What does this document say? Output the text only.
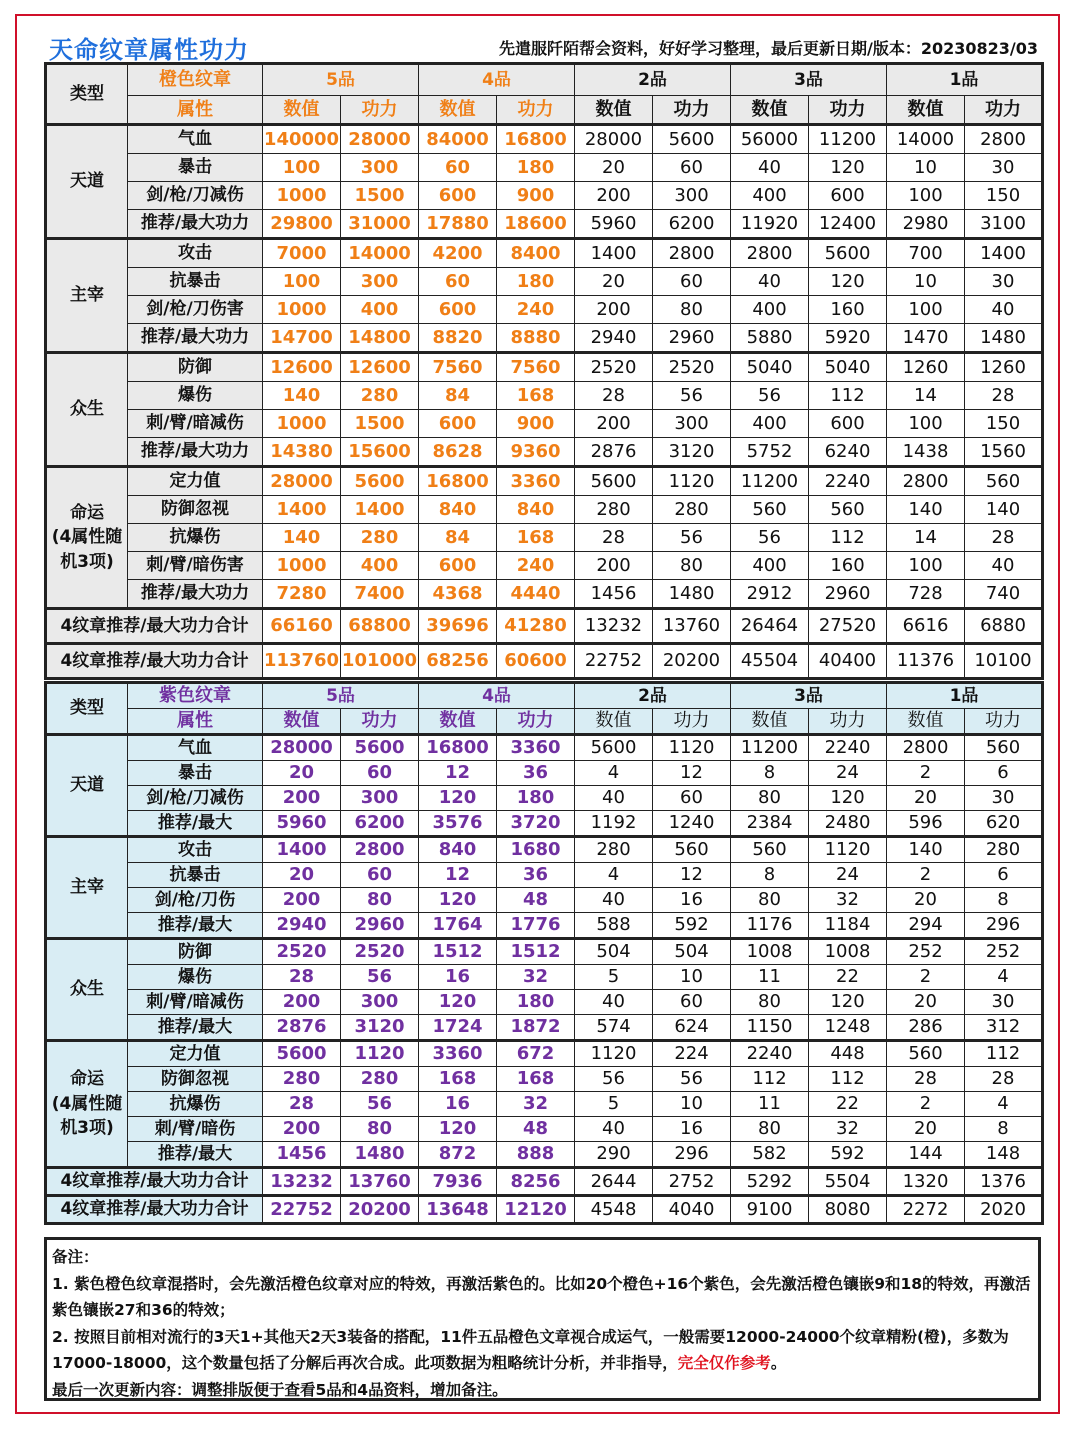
天命纹章属性功力	先遣服阡陌帮会资料，好好学习整理，最后更新日期/版本：20230823/03
类型	橙色纹章	5品		4品		2品		3品		1品	
	属性	数值	功力	数值	功力	数值	功力	数值	功力	数值	功力
天道	气血	140000	28000	84000	16800	28000	5600	56000	11200	14000	2800
	暴击	100	300	60	180	20	60	40	120	10	30
	剑/枪/刀减伤	1000	1500	600	900	200	300	400	600	100	150
	推荐/最大功力	29800	31000	17880	18600	5960	6200	11920	12400	2980	3100
主宰	攻击	7000	14000	4200	8400	1400	2800	2800	5600	700	1400
	抗暴击	100	300	60	180	20	60	40	120	10	30
	剑/枪/刀伤害	1000	400	600	240	200	80	400	160	100	40
	推荐/最大功力	14700	14800	8820	8880	2940	2960	5880	5920	1470	1480
众生	防御	12600	12600	7560	7560	2520	2520	5040	5040	1260	1260
	爆伤	140	280	84	168	28	56	56	112	14	28
	刺/臂/暗减伤	1000	1500	600	900	200	300	400	600	100	150
	推荐/最大功力	14380	15600	8628	9360	2876	3120	5752	6240	1438	1560

命运
(4属性随
机3项)	定力值	28000	5600	16800	3360	5600	1120	11200	2240	2800	560
	防御忽视	1400	1400	840	840	280	280	560	560	140	140
	抗爆伤	140	280	84	168	28	56	56	112	14	28
	刺/臂/暗伤害	1000	400	600	240	200	80	400	160	100	40
	推荐/最大功力	7280	7400	4368	4440	1456	1480	2912	2960	728	740
4纹章推荐/最大功力合计		66160	68800	39696	41280	13232	13760	26464	27520	6616	6880
4纹章推荐/最大功力合计		113760	101000	68256	60600	22752	20200	45504	40400	11376	10100
类型	紫色纹章	5品		4品		2品		3品		1品	
	属性	数值	功力	数值	功力	数值	功力	数值	功力	数值	功力
天道	气血	28000	5600	16800	3360	5600	1120	11200	2240	2800	560
	暴击	20	60	12	36	4	12	8	24	2	6
	剑/枪/刀减伤	200	300	120	180	40	60	80	120	20	30
	推荐/最大	5960	6200	3576	3720	1192	1240	2384	2480	596	620
主宰	攻击	1400	2800	840	1680	280	560	560	1120	140	280
	抗暴击	20	60	12	36	4	12	8	24	2	6
	剑/枪/刀伤	200	80	120	48	40	16	80	32	20	8
	推荐/最大	2940	2960	1764	1776	588	592	1176	1184	294	296
众生	防御	2520	2520	1512	1512	504	504	1008	1008	252	252
	爆伤	28	56	16	32	5	10	11	22	2	4
	刺/臂/暗减伤	200	300	120	180	40	60	80	120	20	30
	推荐/最大	2876	3120	1724	1872	574	624	1150	1248	286	312

命运
(4属性随
机3项)	定力值	5600	1120	3360	672	1120	224	2240	448	560	112
	防御忽视	280	280	168	168	56	56	112	112	28	28
	抗爆伤	28	56	16	32	5	10	11	22	2	4
	刺/臂/暗伤	200	80	120	48	40	16	80	32	20	8
	推荐/最大	1456	1480	872	888	290	296	582	592	144	148
4纹章推荐/最大功力合计		13232	13760	7936	8256	2644	2752	5292	5504	1320	1376
4纹章推荐/最大功力合计		22752	20200	13648	12120	4548	4040	9100	8080	2272	2020

备注：

1. 紫色橙色纹章混搭时，会先激活橙色纹章对应的特效，再激活紫色的。比如20个橙色+16个紫色，会先激活橙色镶嵌9和18的特效，再激活紫色镶嵌27和36的特效；

2. 按照目前相对流行的3天1+其他天2天3装备的搭配，11件五品橙色文章视合成运气，一般需要12000-24000个纹章精粉(橙)，多数为17000-18000，这个数量包括了分解后再次合成。此项数据为粗略统计分析，并非指导，完全仅作参考。

最后一次更新内容：调整排版便于查看5品和4品资料，增加备注。
